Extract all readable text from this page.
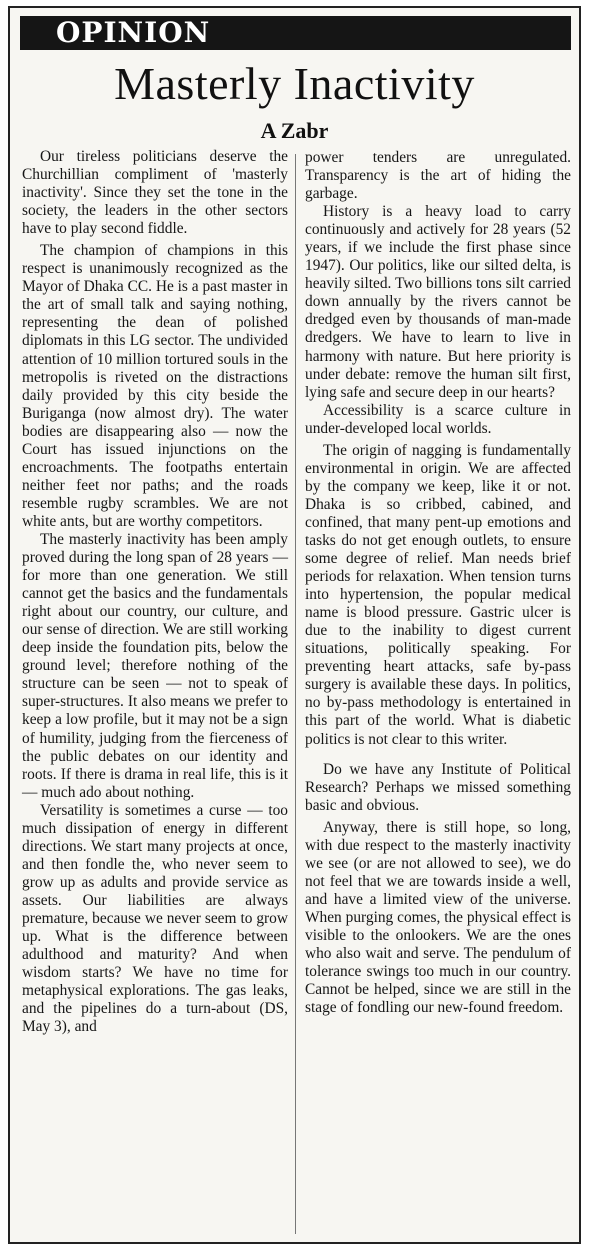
OPINION
Masterly Inactivity
A Zabr

Our tireless politicians deserve the Churchillian compliment of 'masterly inactivity'. Since they set the tone in the society, the leaders in the other sectors have to play second fiddle.

The champion of champions in this respect is unanimously recognized as the Mayor of Dhaka CC. He is a past master in the art of small talk and saying nothing, representing the dean of polished diplomats in this LG sector. The undivided attention of 10 million tortured souls in the metropolis is riveted on the distractions daily provided by this city beside the Buriganga (now almost dry). The water bodies are disappearing also — now the Court has issued injunctions on the encroachments. The footpaths entertain neither feet nor paths; and the roads resemble rugby scrambles. We are not white ants, but are worthy competitors.

The masterly inactivity has been amply proved during the long span of 28 years — for more than one generation. We still cannot get the basics and the fundamentals right about our country, our culture, and our sense of direction. We are still working deep inside the foundation pits, below the ground level; therefore nothing of the structure can be seen — not to speak of super-structures. It also means we prefer to keep a low profile, but it may not be a sign of humility, judging from the fierceness of the public debates on our identity and roots. If there is drama in real life, this is it — much ado about nothing.

Versatility is sometimes a curse — too much dissipation of energy in different directions. We start many projects at once, and then fondle the, who never seem to grow up as adults and provide service as assets. Our liabilities are always premature, because we never seem to grow up. What is the difference between adulthood and maturity? And when wisdom starts? We have no time for metaphysical explorations. The gas leaks, and the pipelines do a turn-about (DS, May 3), and

power tenders are unregulated. Transparency is the art of hiding the garbage.

History is a heavy load to carry continuously and actively for 28 years (52 years, if we include the first phase since 1947). Our politics, like our silted delta, is heavily silted. Two billions tons silt carried down annually by the rivers cannot be dredged even by thousands of man-made dredgers. We have to learn to live in harmony with nature. But here priority is under debate: remove the human silt first, lying safe and secure deep in our hearts?

Accessibility is a scarce culture in under-developed local worlds.

The origin of nagging is fundamentally environmental in origin. We are affected by the company we keep, like it or not. Dhaka is so cribbed, cabined, and confined, that many pent-up emotions and tasks do not get enough outlets, to ensure some degree of relief. Man needs brief periods for relaxation. When tension turns into hypertension, the popular medical name is blood pressure. Gastric ulcer is due to the inability to digest current situations, politically speaking. For preventing heart attacks, safe by-pass surgery is available these days. In politics, no by-pass methodology is entertained in this part of the world. What is diabetic politics is not clear to this writer.

Do we have any Institute of Political Research? Perhaps we missed something basic and obvious.

Anyway, there is still hope, so long, with due respect to the masterly inactivity we see (or are not allowed to see), we do not feel that we are towards inside a well, and have a limited view of the universe. When purging comes, the physical effect is visible to the onlookers. We are the ones who also wait and serve. The pendulum of tolerance swings too much in our country. Cannot be helped, since we are still in the stage of fondling our new-found freedom.
